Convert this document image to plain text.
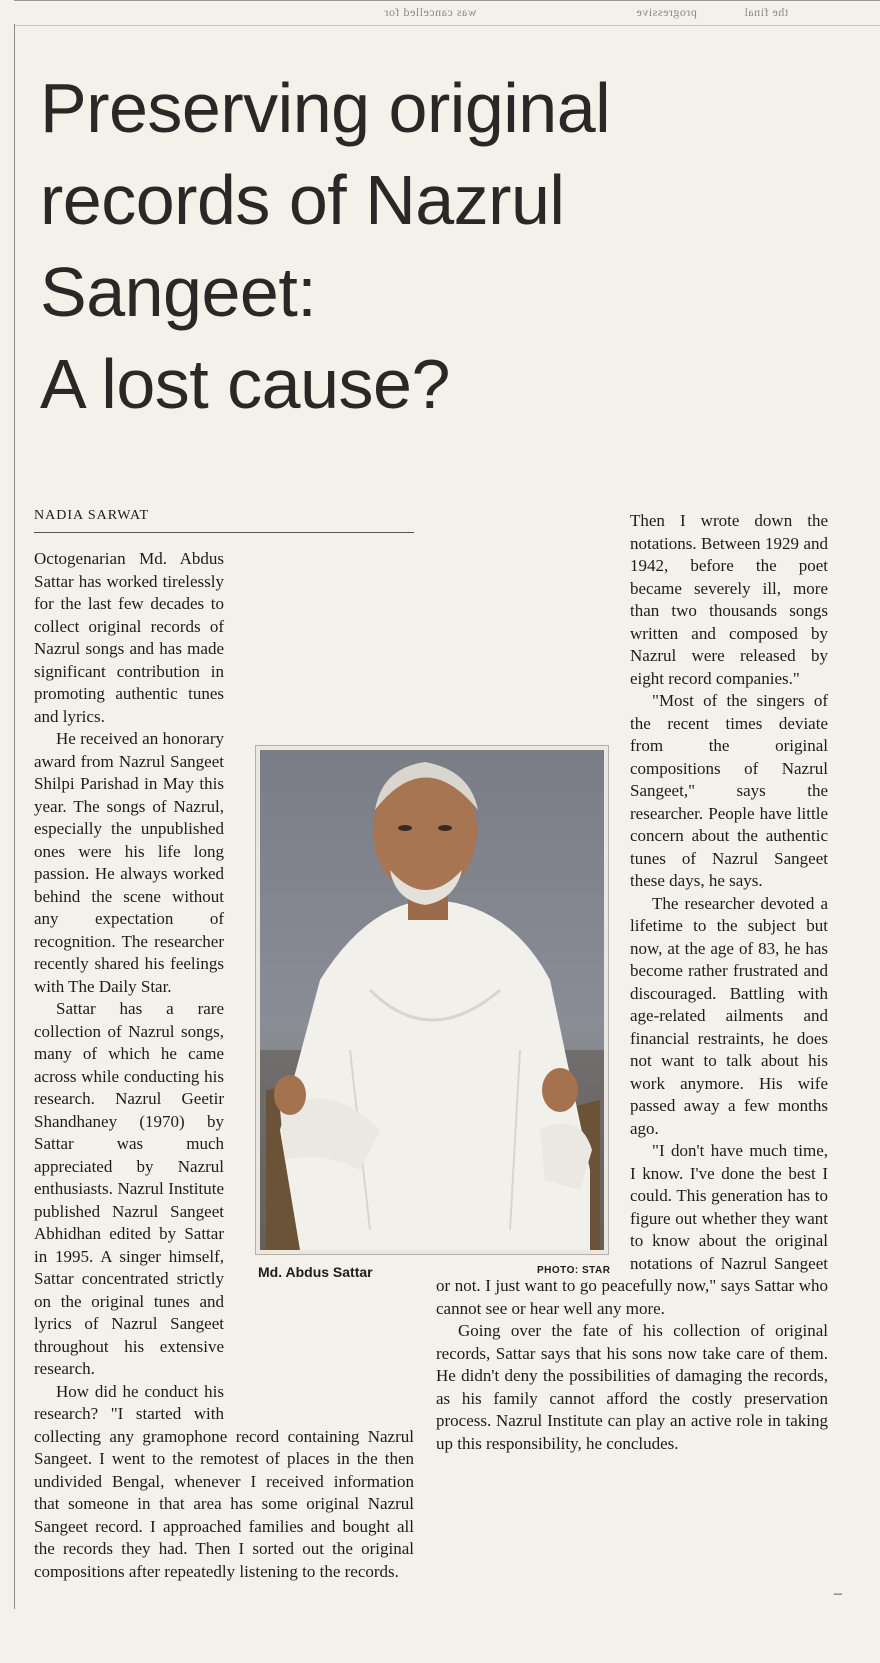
progressive
was cancelled for	the final
Preserving original
records of Nazrul
Sangeet:
A lost cause?

NADIA SARWAT

Octogenarian Md. Abdus Sattar has worked tirelessly for the last few decades to collect original records of Nazrul songs and has made significant contribution in promoting authentic tunes and lyrics.

He received an honorary award from Nazrul Sangeet Shilpi Parishad in May this year. The songs of Nazrul, especially the unpublished ones were his life long passion. He always worked behind the scene without any expectation of recognition. The researcher recently shared his feelings with The Daily Star.

Sattar has a rare collection of Nazrul songs, many of which he came across while conducting his research. Nazrul Geetir Shandhaney (1970) by Sattar was much appreciated by Nazrul enthusiasts. Nazrul Institute published Nazrul Sangeet Abhidhan edited by Sattar in 1995. A singer himself, Sattar concentrated strictly on the original tunes and lyrics of Nazrul Sangeet throughout his extensive research.

How did he conduct his research? "I started with collecting any gramophone record containing Nazrul Sangeet. I went to the remotest of places in the then undivided Bengal, whenever I received information that someone in that area has some original Nazrul Sangeet record. I approached families and bought all the records they had. Then I sorted out the original compositions after repeatedly listening to the records.

Then I wrote down the notations. Between 1929 and 1942, before the poet became severely ill, more than two thousands songs written and composed by Nazrul were released by eight record companies."

"Most of the singers of the recent times deviate from the original compositions of Nazrul Sangeet," says the researcher. People have little concern about the authentic tunes of Nazrul Sangeet these days, he says.

The researcher devoted a lifetime to the subject but now, at the age of 83, he has become rather frustrated and discouraged. Battling with age-related ailments and financial restraints, he does not want to talk about his work anymore. His wife passed away a few months ago.

"I don't have much time, I know. I've done the best I could. This generation has to figure out whether they want to know about the original notations of Nazrul Sangeet or not. I just want to go peacefully now," says Sattar who cannot see or hear well any more.

Going over the fate of his collection of original records, Sattar says that his sons now take care of them. He didn't deny the possibilities of damaging the records, as his family cannot afford the costly preservation process. Nazrul Institute can play an active role in taking up this responsibility, he concludes.

Md. Abdus Sattar	PHOTO: STAR
–
